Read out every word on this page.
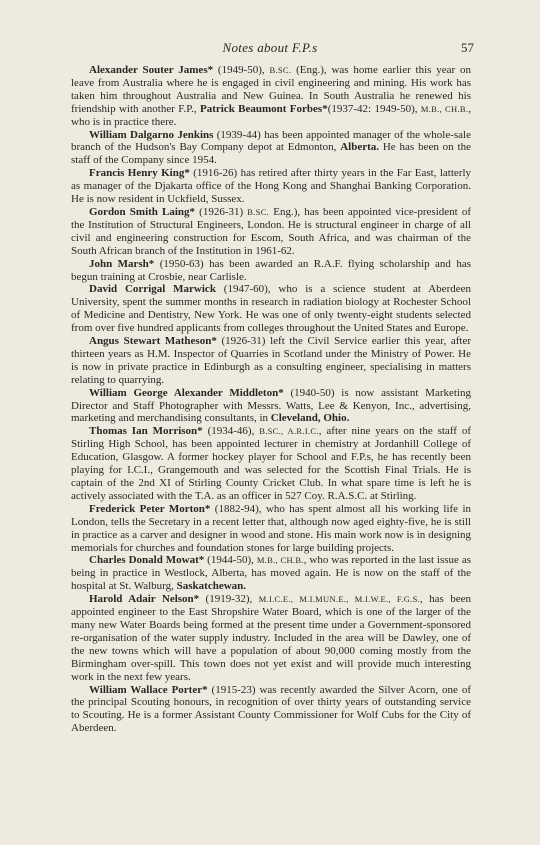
Notes about F.P.s	57

Alexander Souter James* (1949-50), B.SC. (Eng.), was home earlier this year on leave from Australia where he is engaged in civil engineering and mining. His work has taken him throughout Australia and New Guinea. In South Australia he renewed his friendship with another F.P., Patrick Beaumont Forbes*(1937-42: 1949-50), M.B., CH.B., who is in practice there.

William Dalgarno Jenkins (1939-44) has been appointed manager of the whole-sale branch of the Hudson's Bay Company depot at Edmonton, Alberta. He has been on the staff of the Company since 1954.

Francis Henry King* (1916-26) has retired after thirty years in the Far East, latterly as manager of the Djakarta office of the Hong Kong and Shanghai Banking Corporation. He is now resident in Uckfield, Sussex.

Gordon Smith Laing* (1926-31) B.SC. Eng.), has been appointed vice-president of the Institution of Structural Engineers, London. He is structural engineer in charge of all civil and engineering construction for Escom, South Africa, and was chairman of the South African branch of the Institution in 1961-62.

John Marsh* (1950-63) has been awarded an R.A.F. flying scholarship and has begun training at Crosbie, near Carlisle.

David Corrigal Marwick (1947-60), who is a science student at Aberdeen University, spent the summer months in research in radiation biology at Rochester School of Medicine and Dentistry, New York. He was one of only twenty-eight students selected from over five hundred applicants from colleges throughout the United States and Europe.

Angus Stewart Matheson* (1926-31) left the Civil Service earlier this year, after thirteen years as H.M. Inspector of Quarries in Scotland under the Ministry of Power. He is now in private practice in Edinburgh as a consulting engineer, specialising in matters relating to quarrying.

William George Alexander Middleton* (1940-50) is now assistant Marketing Director and Staff Photographer with Messrs. Watts, Lee & Kenyon, Inc., advertising, marketing and merchandising consultants, in Cleveland, Ohio.

Thomas Ian Morrison* (1934-46), B.SC., A.R.I.C., after nine years on the staff of Stirling High School, has been appointed lecturer in chemistry at Jordanhill College of Education, Glasgow. A former hockey player for School and F.P.s, he has recently been playing for I.C.I., Grangemouth and was selected for the Scottish Final Trials. He is captain of the 2nd XI of Stirling County Cricket Club. In what spare time is left he is actively associated with the T.A. as an officer in 527 Coy. R.A.S.C. at Stirling.

Frederick Peter Morton* (1882-94), who has spent almost all his working life in London, tells the Secretary in a recent letter that, although now aged eighty-five, he is still in practice as a carver and designer in wood and stone. His main work now is in designing memorials for churches and foundation stones for large building projects.

Charles Donald Mowat* (1944-50), M.B., CH.B., who was reported in the last issue as being in practice in Westlock, Alberta, has moved again. He is now on the staff of the hospital at St. Walburg, Saskatchewan.

Harold Adair Nelson* (1919-32), M.I.C.E., M.I.MUN.E., M.I.W.E., F.G.S., has been appointed engineer to the East Shropshire Water Board, which is one of the larger of the many new Water Boards being formed at the present time under a Government-sponsored re-organisation of the water supply industry. Included in the area will be Dawley, one of the new towns which will have a population of about 90,000 coming mostly from the Birmingham over-spill. This town does not yet exist and will provide much interesting work in the next few years.

William Wallace Porter* (1915-23) was recently awarded the Silver Acorn, one of the principal Scouting honours, in recognition of over thirty years of outstanding service to Scouting. He is a former Assistant County Commissioner for Wolf Cubs for the City of Aberdeen.
